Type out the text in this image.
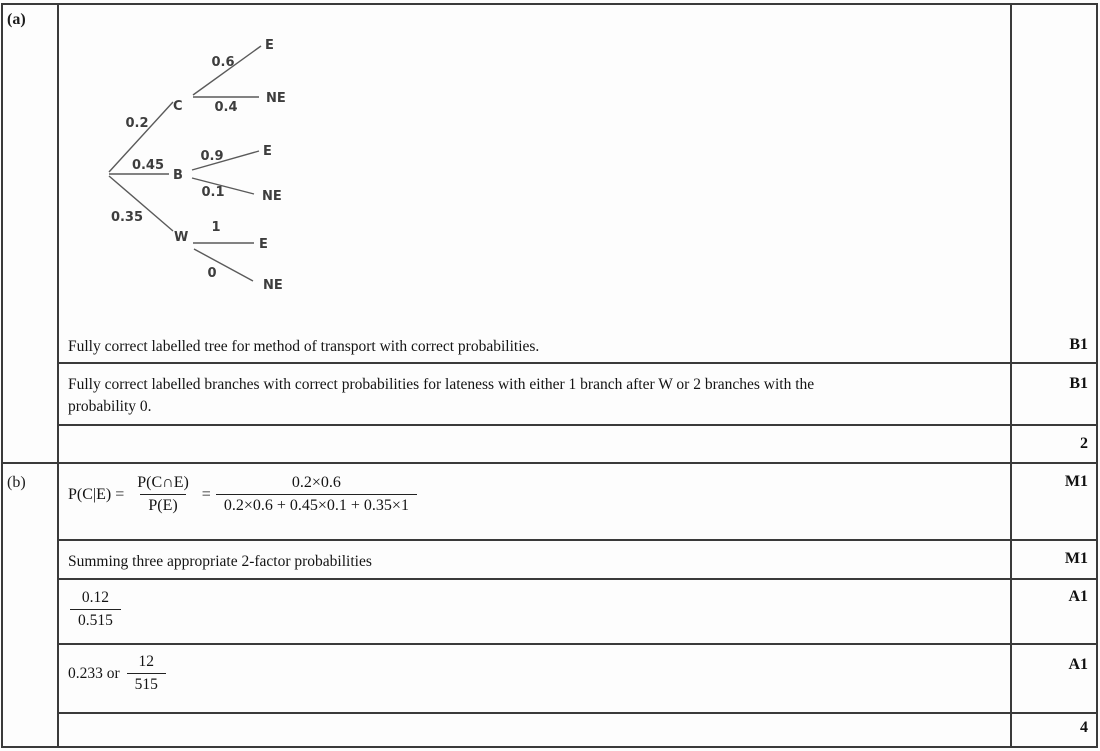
(a)
(b)
0.2
0.45
0.35
C
B
W
0.6
E
0.4
NE
0.9	E
0.1	NE
1
E
0
NE
Fully correct labelled tree for method of transport with correct probabilities.
Fully correct labelled branches with correct probabilities for lateness with either 1 branch after W or 2 branches with the
probability 0.
$P(C|E) = \frac{P(C\cap E)}{P(E)} = \frac{0.2\times 0.6}{0.2\times 0.6 + 0.45\times 0.1 + 0.35\times 1}$
Summing three appropriate 2-factor probabilities
$\frac{0.12}{0.515}$
0.233 or $\frac{12}{515}$
B1
B1
2
M1
M1
A1
A1
4
